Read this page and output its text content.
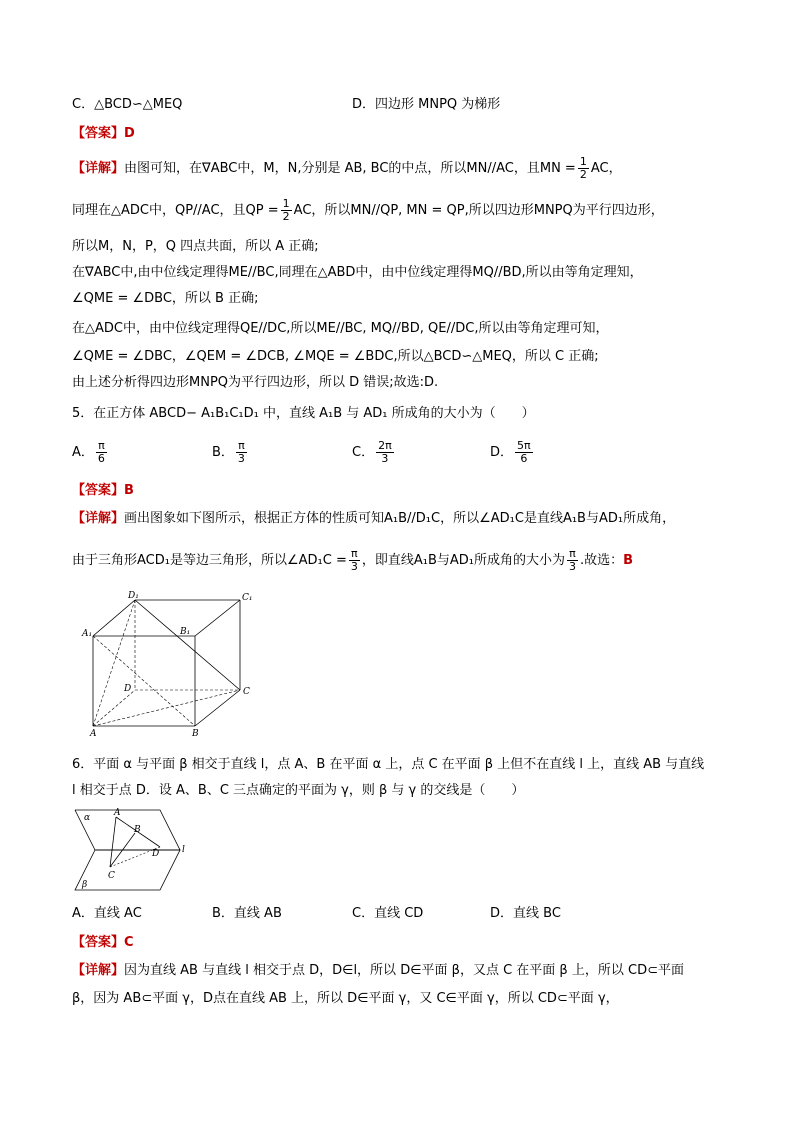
C．△BCD∽△MEQ	D．四边形 MNPQ 为梯形
【答案】D
【详解】由图可知，在∇ABC中，M，N,分别是 AB, BC的中点，所以MN//AC，且MN = $\frac{1}{2}$ AC，
同理在△ADC中，QP//AC，且QP = $\frac{1}{2}$ AC，所以MN//QP, MN = QP,所以四边形MNPQ为平行四边形，
所以M，N，P，Q 四点共面，所以 A 正确;
在∇ABC中,由中位线定理得ME//BC,同理在△ABD中，由中位线定理得MQ//BD,所以由等角定理知，
∠QME = ∠DBC，所以 B 正确;
在△ADC中，由中位线定理得QE//DC,所以ME//BC, MQ//BD, QE//DC,所以由等角定理可知，
∠QME = ∠DBC，∠QEM = ∠DCB, ∠MQE = ∠BDC,所以△BCD∽△MEQ，所以 C 正确;
由上述分析得四边形MNPQ为平行四边形，所以 D 错误;故选:D.
5．在正方体 ABCD− A₁B₁C₁D₁ 中，直线 A₁B 与 AD₁ 所成角的大小为（　　）
A． $\frac{\pi}{6}$	B． $\frac{\pi}{3}$	C． $\frac{2\pi}{3}$	D． $\frac{5\pi}{6}$
【答案】B
【详解】画出图象如下图所示，根据正方体的性质可知A₁B//D₁C，所以∠AD₁C是直线A₁B与AD₁所成角，
由于三角形ACD₁是等边三角形，所以∠AD₁C = $\frac{\pi}{3}$ ，即直线A₁B与AD₁所成角的大小为 $\frac{\pi}{3}$ .故选：B
D₁	C₁
A₁	B₁
D	C
A	B
6．平面 α 与平面 β 相交于直线 l，点 A、B 在平面 α 上，点 C 在平面 β 上但不在直线 l 上，直线 AB 与直线
l 相交于点 D．设 A、B、C 三点确定的平面为 γ，则 β 与 γ 的交线是（　　）
α	A
B
D	l
C
β
A．直线 AC	B．直线 AB	C．直线 CD	D．直线 BC
【答案】C
【详解】因为直线 AB 与直线 l 相交于点 D，D∈l，所以 D∈平面 β，又点 C 在平面 β 上，所以 CD⊂平面
β，因为 AB⊂平面 γ，D点在直线 AB 上，所以 D∈平面 γ，又 C∈平面 γ，所以 CD⊂平面 γ，
